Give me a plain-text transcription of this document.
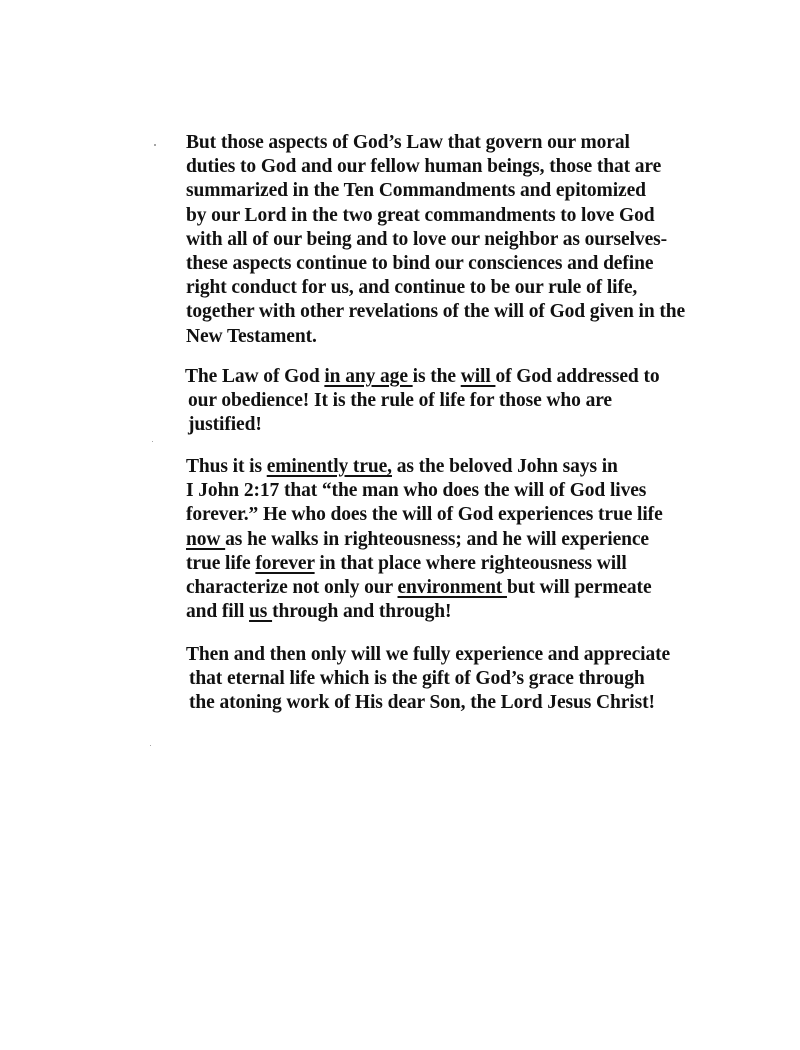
But those aspects of God’s Law that govern our moral
duties to God and our fellow human beings, those that are
summarized in the Ten Commandments and epitomized
by our Lord in the two great commandments to love God
with all of our being and to love our neighbor as ourselves-
these aspects continue to bind our consciences and define
right conduct for us, and continue to be our rule of life,
together with other revelations of the will of God given in the
New Testament.
The Law of God in any age is the will of God addressed to
our obedience! It is the rule of life for those who are
justified!
Thus it is eminently true, as the beloved John says in
I John 2:17 that “the man who does the will of God lives
forever.” He who does the will of God experiences true life
now as he walks in righteousness; and he will experience
true life forever in that place where righteousness will
characterize not only our environment but will permeate
and fill us through and through!
Then and then only will we fully experience and appreciate
that eternal life which is the gift of God’s grace through
the atoning work of His dear Son, the Lord Jesus Christ!
